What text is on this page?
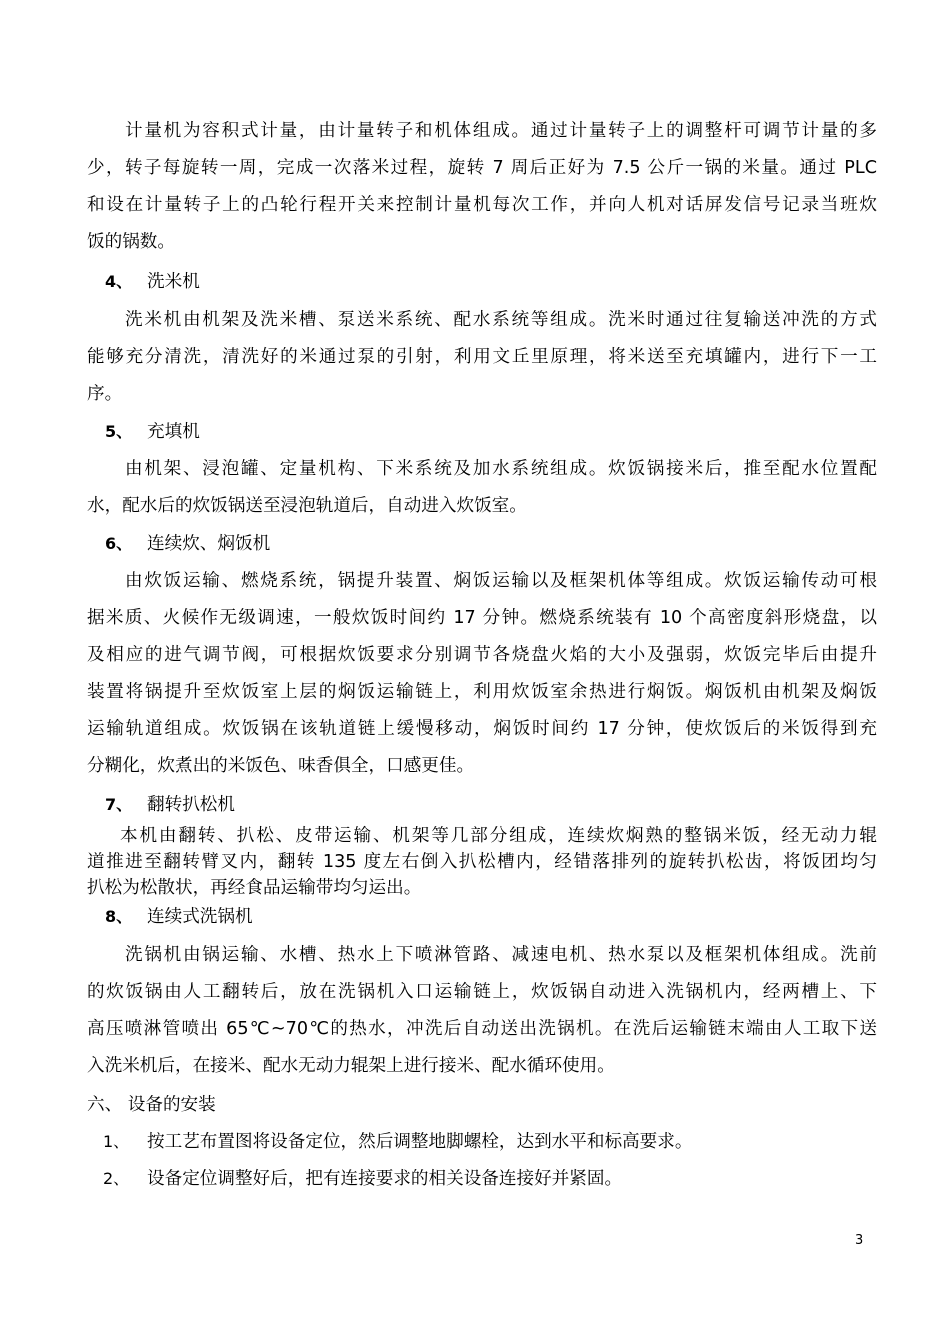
计量机为容积式计量，由计量转子和机体组成。通过计量转子上的调整杆可调节计量的多
少，转子每旋转一周，完成一次落米过程，旋转 7 周后正好为 7.5 公斤一锅的米量。通过 PLC
和设在计量转子上的凸轮行程开关来控制计量机每次工作，并向人机对话屏发信号记录当班炊
饭的锅数。
4、 洗米机
洗米机由机架及洗米槽、泵送米系统、配水系统等组成。洗米时通过往复输送冲洗的方式
能够充分清洗，清洗好的米通过泵的引射，利用文丘里原理，将米送至充填罐内，进行下一工
序。
5、 充填机
由机架、浸泡罐、定量机构、下米系统及加水系统组成。炊饭锅接米后，推至配水位置配
水，配水后的炊饭锅送至浸泡轨道后，自动进入炊饭室。
6、 连续炊、焖饭机
由炊饭运输、燃烧系统，锅提升装置、焖饭运输以及框架机体等组成。炊饭运输传动可根
据米质、火候作无级调速，一般炊饭时间约 17 分钟。燃烧系统装有 10 个高密度斜形烧盘，以
及相应的进气调节阀，可根据炊饭要求分别调节各烧盘火焰的大小及强弱，炊饭完毕后由提升
装置将锅提升至炊饭室上层的焖饭运输链上，利用炊饭室余热进行焖饭。焖饭机由机架及焖饭
运输轨道组成。炊饭锅在该轨道链上缓慢移动，焖饭时间约 17 分钟，使炊饭后的米饭得到充
分糊化，炊煮出的米饭色、味香俱全，口感更佳。
7、 翻转扒松机
本机由翻转、扒松、皮带运输、机架等几部分组成，连续炊焖熟的整锅米饭，经无动力辊
道推进至翻转臂叉内，翻转 135 度左右倒入扒松槽内，经错落排列的旋转扒松齿，将饭团均匀
扒松为松散状，再经食品运输带均匀运出。
8、 连续式洗锅机
洗锅机由锅运输、水槽、热水上下喷淋管路、减速电机、热水泵以及框架机体组成。洗前
的炊饭锅由人工翻转后，放在洗锅机入口运输链上，炊饭锅自动进入洗锅机内，经两槽上、下
高压喷淋管喷出 65℃~70℃的热水，冲洗后自动送出洗锅机。在洗后运输链末端由人工取下送
入洗米机后，在接米、配水无动力辊架上进行接米、配水循环使用。
六、 设备的安装
1、 按工艺布置图将设备定位，然后调整地脚螺栓，达到水平和标高要求。
2、 设备定位调整好后，把有连接要求的相关设备连接好并紧固。
3
